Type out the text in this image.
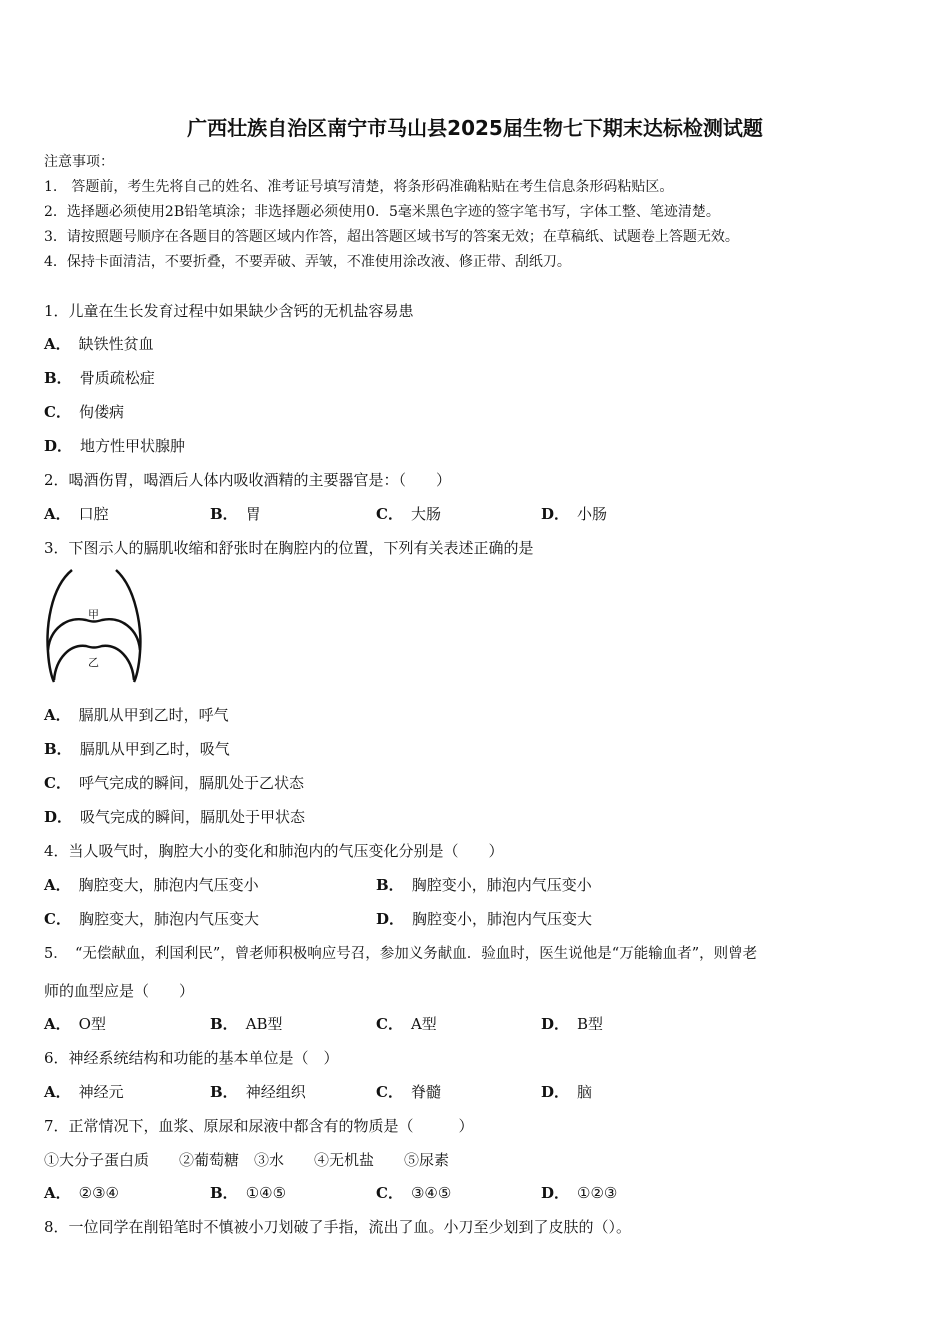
广西壮族自治区南宁市马山县2025届生物七下期末达标检测试题
注意事项：
1.　答题前，考生先将自己的姓名、准考证号填写清楚，将条形码准确粘贴在考生信息条形码粘贴区。
2．选择题必须使用2B铅笔填涂；非选择题必须使用0．5毫米黑色字迹的签字笔书写，字体工整、笔迹清楚。
3．请按照题号顺序在各题目的答题区域内作答，超出答题区域书写的答案无效；在草稿纸、试题卷上答题无效。
4．保持卡面清洁，不要折叠，不要弄破、弄皱，不准使用涂改液、修正带、刮纸刀。
1．儿童在生长发育过程中如果缺少含钙的无机盐容易患
A． 缺铁性贫血
B． 骨质疏松症
C． 佝偻病
D． 地方性甲状腺肿
2．喝酒伤胃，喝酒后人体内吸收酒精的主要器官是：（　　）
A． 口腔	B． 胃	C． 大肠	D． 小肠
3．下图示人的膈肌收缩和舒张时在胸腔内的位置，下列有关表述正确的是
甲
乙
A． 膈肌从甲到乙时，呼气
B． 膈肌从甲到乙时，吸气
C． 呼气完成的瞬间，膈肌处于乙状态
D． 吸气完成的瞬间，膈肌处于甲状态
4．当人吸气时，胸腔大小的变化和肺泡内的气压变化分别是（　　）
A． 胸腔变大，肺泡内气压变小	B． 胸腔变小，肺泡内气压变小
C． 胸腔变大，肺泡内气压变大	D． 胸腔变小，肺泡内气压变大
5．　“无偿献血，利国利民”，曾老师积极响应号召，参加义务献血．验血时，医生说他是“万能输血者”，则曾老
师的血型应是（　　）
A． O型	B． AB型	C． A型	D． B型
6．神经系统结构和功能的基本单位是（　）
A． 神经元	B． 神经组织	C． 脊髓	D． 脑
7．正常情况下，血浆、原尿和尿液中都含有的物质是（　　　）
①大分子蛋白质　　②葡萄糖　③水　　④无机盐　　⑤尿素
A． ②③④	B． ①④⑤	C． ③④⑤	D． ①②③
8．一位同学在削铅笔时不慎被小刀划破了手指，流出了血。小刀至少划到了皮肤的（）。
